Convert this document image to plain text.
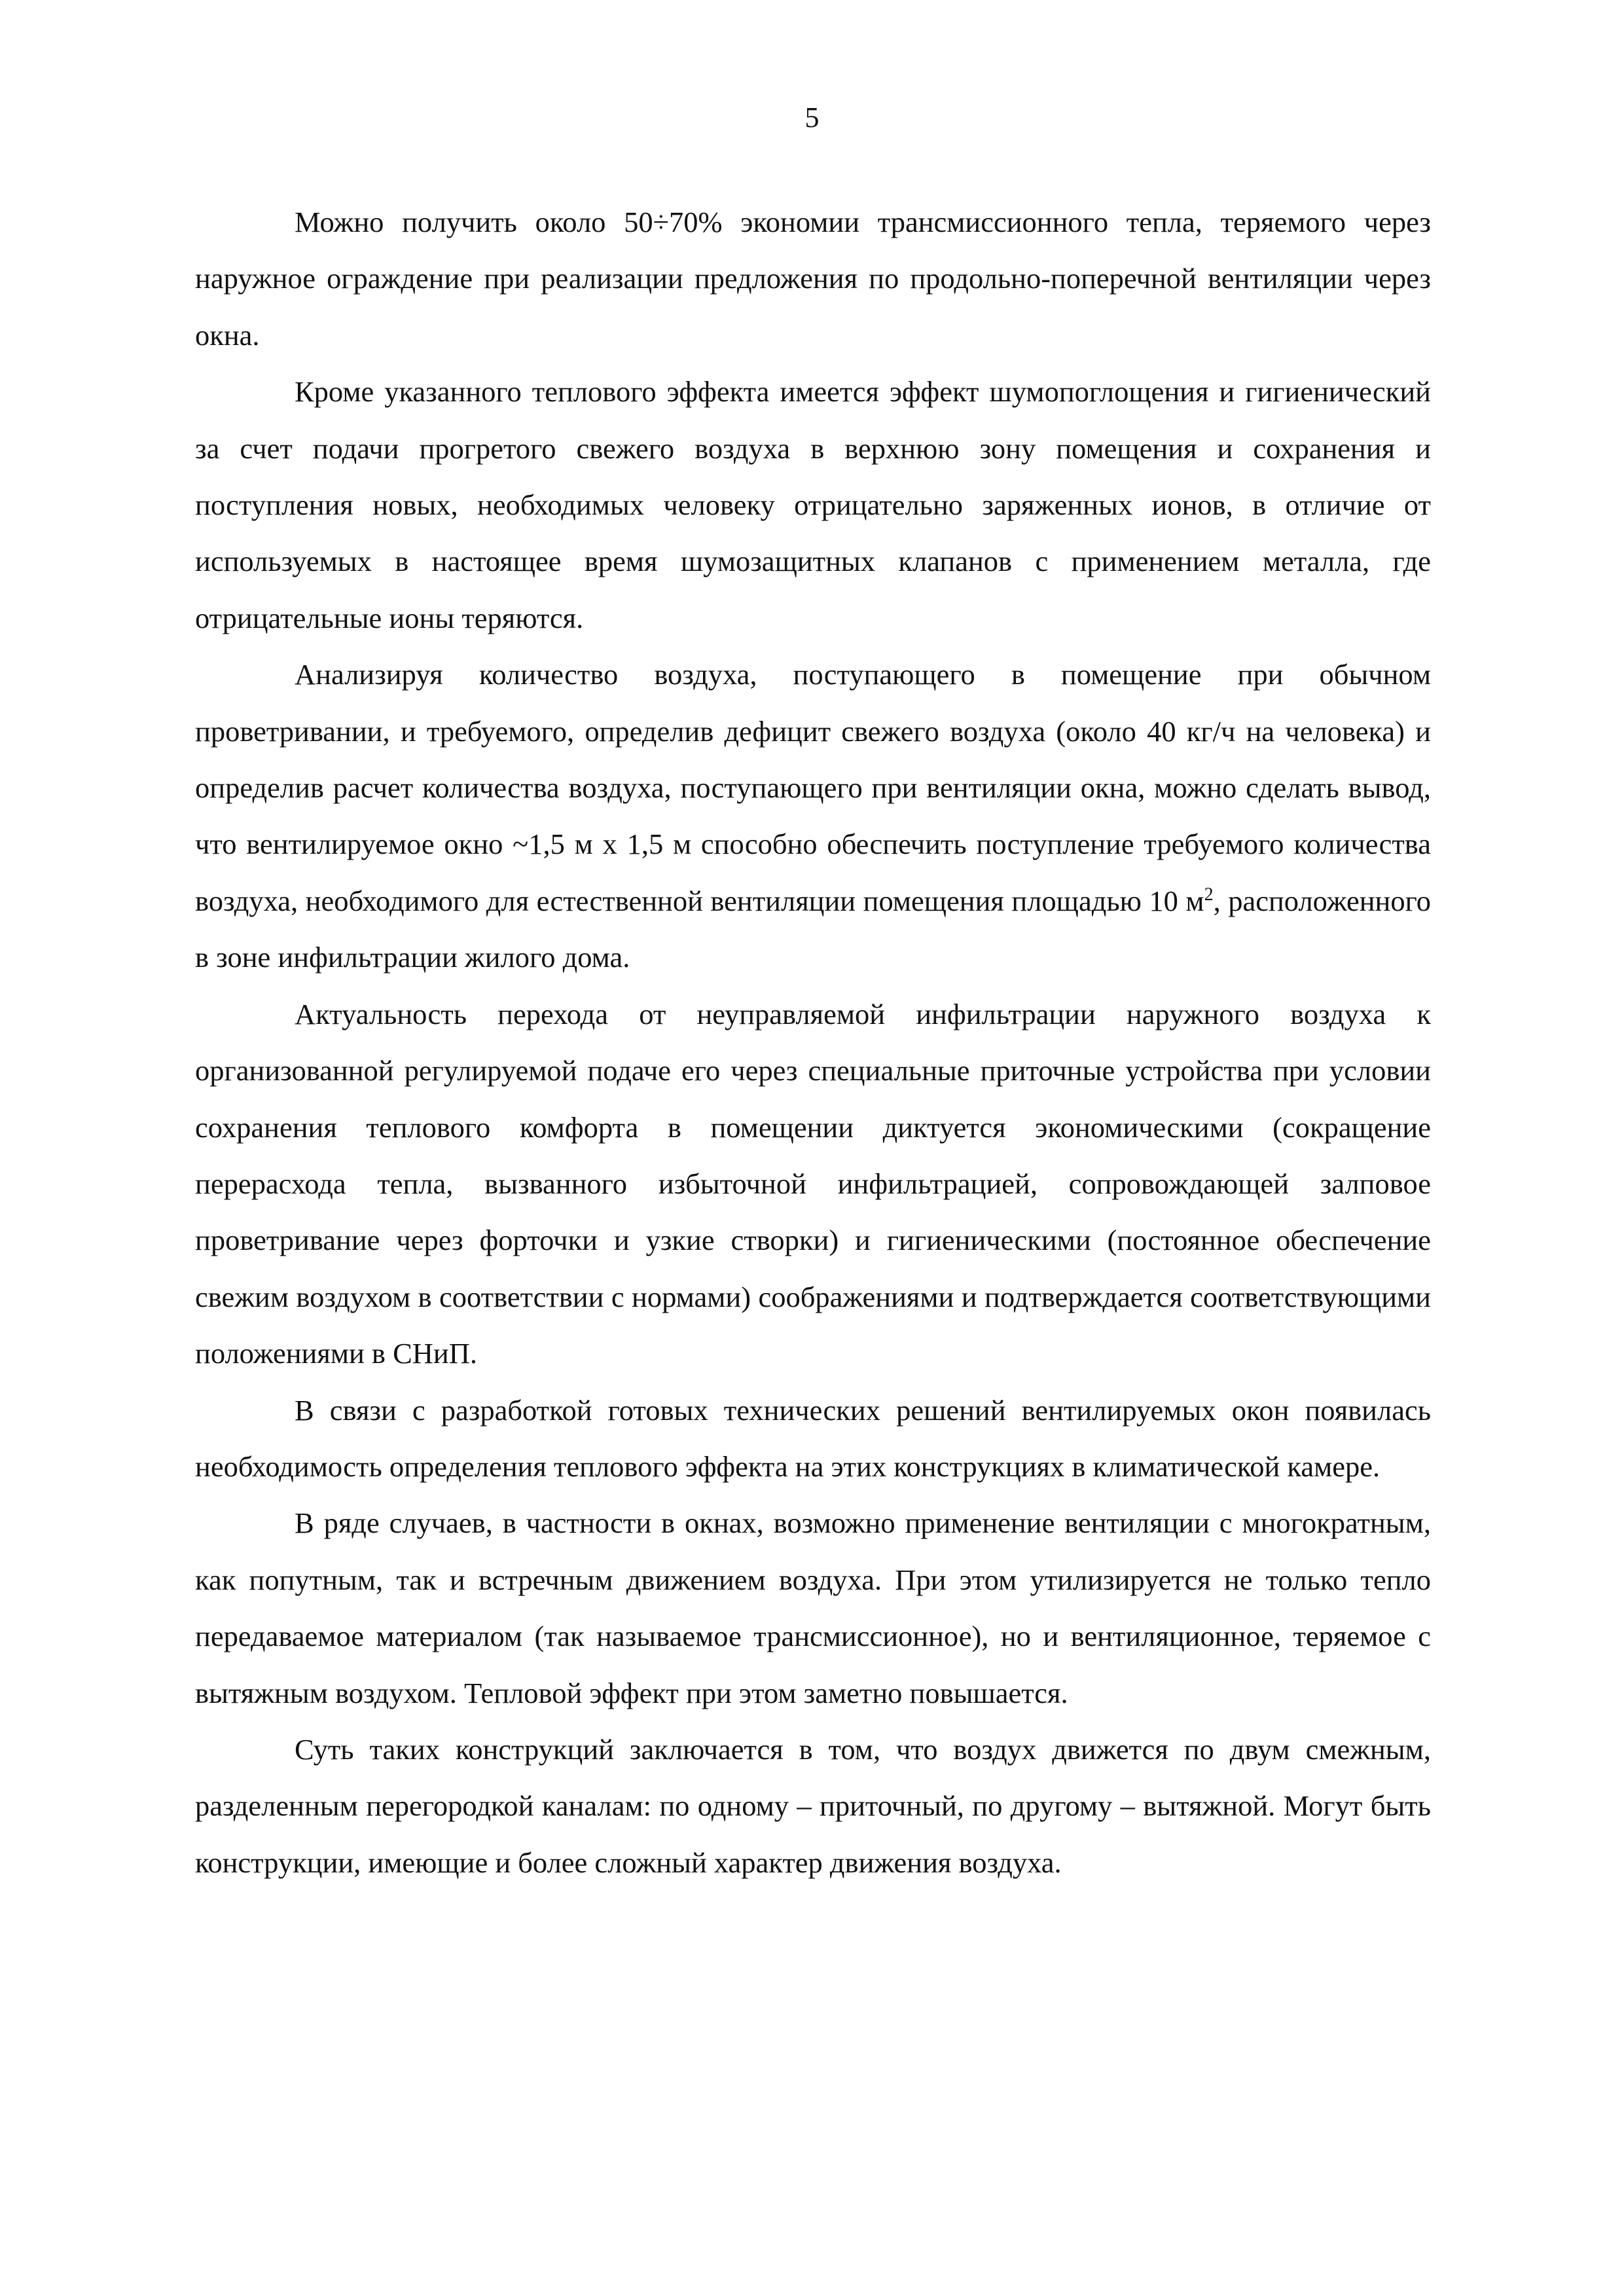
5

Можно получить около 50÷70% экономии трансмиссионного тепла, теряемого через наружное ограждение при реализации предложения по продольно-поперечной вентиляции через окна.

Кроме указанного теплового эффекта имеется эффект шумопоглощения и гигиенический за счет подачи прогретого свежего воздуха в верхнюю зону помещения и сохранения и поступления новых, необходимых человеку отрицательно заряженных ионов, в отличие от используемых в настоящее время шумозащитных клапанов с применением металла, где отрицательные ионы теряются.

Анализируя количество воздуха, поступающего в помещение при обычном проветривании, и требуемого, определив дефицит свежего воздуха (около 40 кг/ч на человека) и определив расчет количества воздуха, поступающего при вентиляции окна, можно сделать вывод, что вентилируемое окно ~1,5 м х 1,5 м способно обеспечить поступление требуемого количества воздуха, необходимого для естественной вентиляции помещения площадью 10 $м^2$, расположенного в зоне инфильтрации жилого дома.

Актуальность перехода от неуправляемой инфильтрации наружного воздуха к организованной регулируемой подаче его через специальные приточные устройства при условии сохранения теплового комфорта в помещении диктуется экономическими (сокращение перерасхода тепла, вызванного избыточной инфильтрацией, сопровождающей залповое проветривание через форточки и узкие створки) и гигиеническими (постоянное обеспечение свежим воздухом в соответствии с нормами) соображениями и подтверждается соответствующими положениями в СНиП.

В связи с разработкой готовых технических решений вентилируемых окон появилась необходимость определения теплового эффекта на этих конструкциях в климатической камере.

В ряде случаев, в частности в окнах, возможно применение вентиляции с многократным, как попутным, так и встречным движением воздуха. При этом утилизируется не только тепло передаваемое материалом (так называемое трансмиссионное), но и вентиляционное, теряемое с вытяжным воздухом. Тепловой эффект при этом заметно повышается.

Суть таких конструкций заключается в том, что воздух движется по двум смежным, разделенным перегородкой каналам: по одному – приточный, по другому – вытяжной. Могут быть конструкции, имеющие и более сложный характер движения воздуха.
